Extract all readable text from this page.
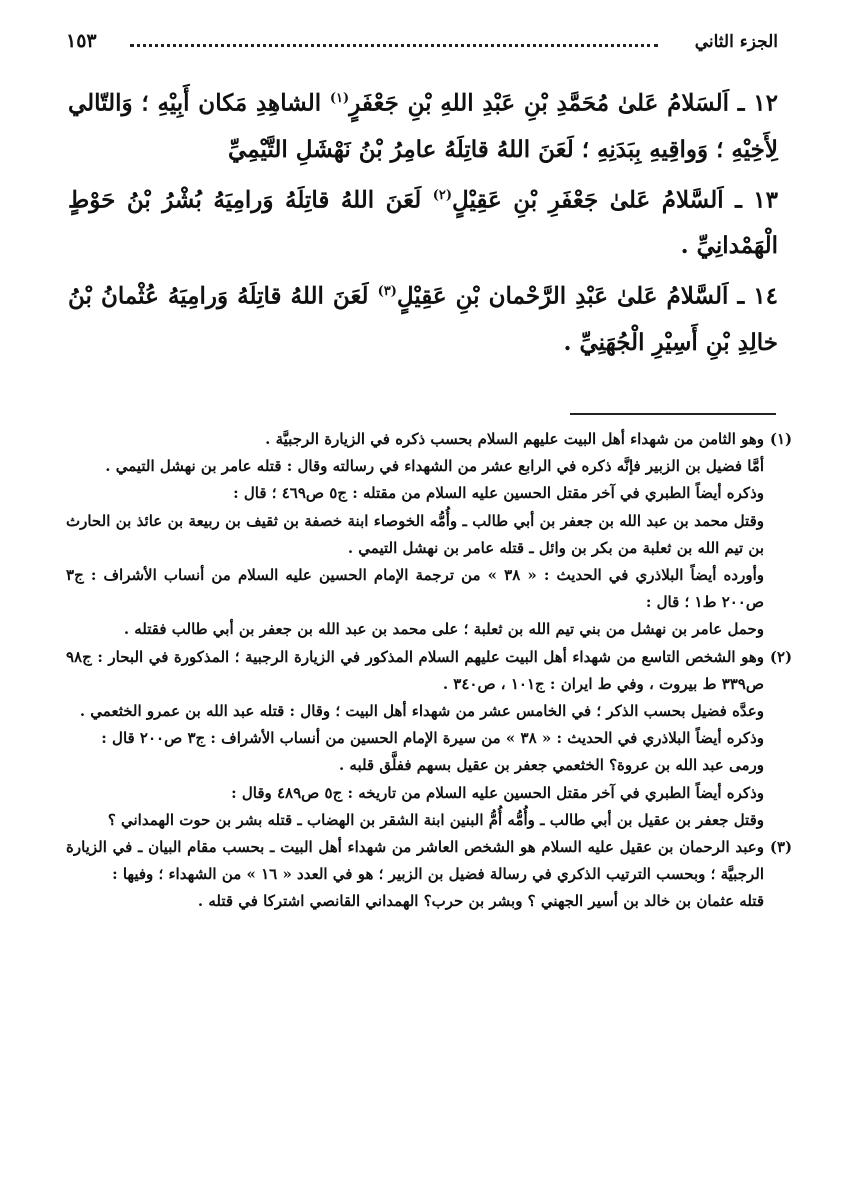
الجزء الثاني
١٥٣
١٢ ـ اَلسَلامُ عَلىٰ مُحَمَّدِ بْنِ عَبْدِ اللهِ بْنِ جَعْفَرٍ$^{(١)}$ الشاهِدِ مَكان أَبِيْهِ ؛ وَالتّالي لِأَخِيْهِ ؛ وَواقِيهِ بِبَدَنِهِ ؛ لَعَنَ اللهُ قاتِلَهُ عامِرُ بْنُ نَهْشَلِ التَّيْمِيِّ
١٣ ـ اَلسَّلامُ عَلىٰ جَعْفَرِ بْنِ عَقِيْلٍ$^{(٢)}$ لَعَنَ اللهُ قاتِلَهُ وَرامِيَهُ بُشْرُ بْنُ حَوْطٍ الْهَمْدانِيِّ .
١٤ ـ اَلسَّلامُ عَلىٰ عَبْدِ الرَّحْمان بْنِ عَقِيْلٍ$^{(٣)}$ لَعَنَ اللهُ قاتِلَهُ وَرامِيَهُ عُثْمانُ بْنُ خالِدِ بْنِ أَسِيْرِ الْجُهَنِيِّ .
(١)

وهو الثامن من شهداء أهل البيت عليهم السلام بحسب ذكره في الزيارة الرجبيَّة .

أمَّا فضيل بن الزبير فإنَّه ذكره في الرابع عشر من الشهداء في رسالته وقال : قتله عامر بن نهشل التيمي .

وذكره أيضاً الطبري في آخر مقتل الحسين عليه السلام من مقتله : ج٥ ص٤٦٩ ؛ قال :

وقتل محمد بن عبد الله بن جعفر بن أبي طالب ـ وأُمُّه الخوصاء ابنة خصفة بن ثقيف بن ربيعة بن عائذ بن الحارث بن تيم الله بن ثعلبة من بكر بن وائل ـ قتله عامر بن نهشل التيمي .

وأورده أيضاً البلاذري في الحديث : « ٣٨ » من ترجمة الإمام الحسين عليه السلام من أنساب الأشراف : ج٣ ص٢٠٠ ط١ ؛ قال :

وحمل عامر بن نهشل من بني تيم الله بن ثعلبة ؛ على محمد بن عبد الله بن جعفر بن أبي طالب فقتله .

(٢)

وهو الشخص التاسع من شهداء أهل البيت عليهم السلام المذكور في الزيارة الرجبية ؛ المذكورة في البحار : ج٩٨ ص٣٣٩ ط بيروت ، وفي ط ايران : ج١٠١ ، ص٣٤٠ .

وعدَّه فضيل بحسب الذكر ؛ في الخامس عشر من شهداء أهل البيت ؛ وقال : قتله عبد الله بن عمرو الخثعمي .

وذكره أيضاً البلاذري في الحديث : « ٣٨ » من سيرة الإمام الحسين من أنساب الأشراف : ج٣ ص٢٠٠ قال :

ورمى عبد الله بن عروة؟ الخثعمي جعفر بن عقيل بسهم ففلَّق قلبه .

وذكره أيضاً الطبري في آخر مقتل الحسين عليه السلام من تاريخه : ج٥ ص٤٨٩ وقال :

وقتل جعفر بن عقيل بن أبي طالب ـ وأُمُّه أُمُّ البنين ابنة الشقر بن الهضاب ـ قتله بشر بن حوت الهمداني ؟

(٣)

وعبد الرحمان بن عقيل عليه السلام هو الشخص العاشر من شهداء أهل البيت ـ بحسب مقام البيان ـ في الزيارة الرجبيَّة ؛ وبحسب الترتيب الذكري في رسالة فضيل بن الزبير ؛ هو في العدد « ١٦ » من الشهداء ؛ وفيها :

قتله عثمان بن خالد بن أسير الجهني ؟ وبشر بن حرب؟ الهمداني القانصي اشتركا في قتله .
